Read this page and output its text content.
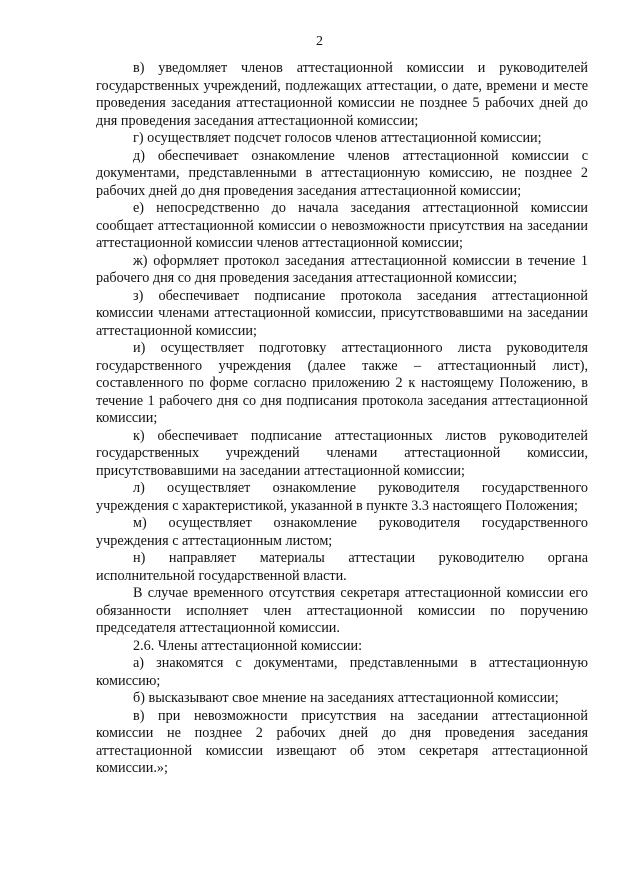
2

в) уведомляет членов аттестационной комиссии и руководителей государственных учреждений, подлежащих аттестации, о дате, времени и месте проведения заседания аттестационной комиссии не позднее 5 рабочих дней до дня проведения заседания аттестационной комиссии;

г) осуществляет подсчет голосов членов аттестационной комиссии;

д) обеспечивает ознакомление членов аттестационной комиссии с документами, представленными в аттестационную комиссию, не позднее 2 рабочих дней до дня проведения заседания аттестационной комиссии;

е) непосредственно до начала заседания аттестационной комиссии сообщает аттестационной комиссии о невозможности присутствия на заседании аттестационной комиссии членов аттестационной комиссии;

ж) оформляет протокол заседания аттестационной комиссии в течение 1 рабочего дня со дня проведения заседания аттестационной комиссии;

з) обеспечивает подписание протокола заседания аттестационной комиссии членами аттестационной комиссии, присутствовавшими на заседании аттестационной комиссии;

и) осуществляет подготовку аттестационного листа руководителя государственного учреждения (далее также – аттестационный лист), составленного по форме согласно приложению 2 к настоящему Положению, в течение 1 рабочего дня со дня подписания протокола заседания аттестационной комиссии;

к) обеспечивает подписание аттестационных листов руководителей государственных учреждений членами аттестационной комиссии, присутствовавшими на заседании аттестационной комиссии;

л) осуществляет ознакомление руководителя государственного учреждения с характеристикой, указанной в пункте 3.3 настоящего Положения;

м) осуществляет ознакомление руководителя государственного учреждения с аттестационным листом;

н) направляет материалы аттестации руководителю органа исполнительной государственной власти.

В случае временного отсутствия секретаря аттестационной комиссии его обязанности исполняет член аттестационной комиссии по поручению председателя аттестационной комиссии.

2.6. Члены аттестационной комиссии:

а) знакомятся с документами, представленными в аттестационную комиссию;

б) высказывают свое мнение на заседаниях аттестационной комиссии;

в) при невозможности присутствия на заседании аттестационной комиссии не позднее 2 рабочих дней до дня проведения заседания аттестационной комиссии извещают об этом секретаря аттестационной комиссии.»;
